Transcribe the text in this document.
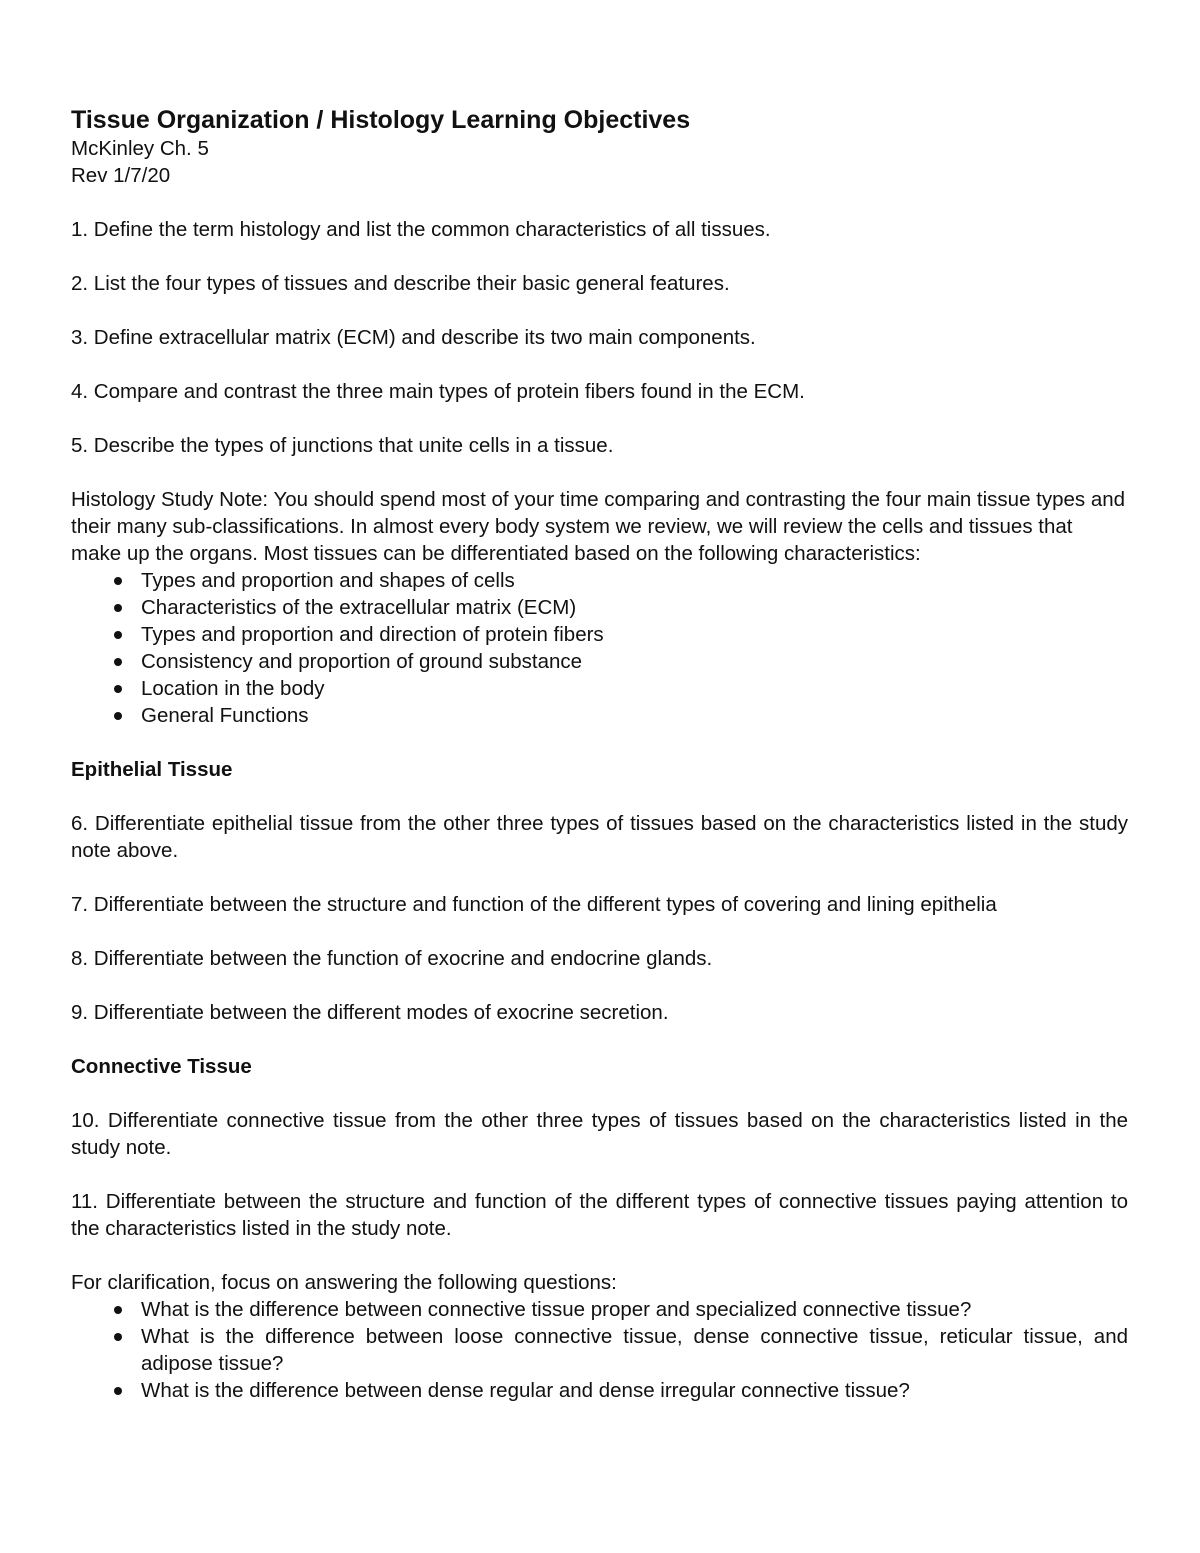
Tissue Organization / Histology Learning Objectives

McKinley Ch. 5

Rev 1/7/20

1. Define the term histology and list the common characteristics of all tissues.

2. List the four types of tissues and describe their basic general features.

3. Define extracellular matrix (ECM) and describe its two main components.

4. Compare and contrast the three main types of protein fibers found in the ECM.

5. Describe the types of junctions that unite cells in a tissue.

Histology Study Note: You should spend most of your time comparing and contrasting the four main tissue types and their many sub-classifications. In almost every body system we review, we will review the cells and tissues that make up the organs. Most tissues can be differentiated based on the following characteristics:

Types and proportion and shapes of cells
Characteristics of the extracellular matrix (ECM)
Types and proportion and direction of protein fibers
Consistency and proportion of ground substance
Location in the body
General Functions

Epithelial Tissue

6. Differentiate epithelial tissue from the other three types of tissues based on the characteristics listed in the study note above.

7. Differentiate between the structure and function of the different types of covering and lining epithelia

8. Differentiate between the function of exocrine and endocrine glands.

9. Differentiate between the different modes of exocrine secretion.

Connective Tissue

10. Differentiate connective tissue from the other three types of tissues based on the characteristics listed in the study note.

11. Differentiate between the structure and function of the different types of connective tissues paying attention to the characteristics listed in the study note.

For clarification, focus on answering the following questions:

What is the difference between connective tissue proper and specialized connective tissue?
What is the difference between loose connective tissue, dense connective tissue, reticular tissue, and adipose tissue?
What is the difference between dense regular and dense irregular connective tissue?
